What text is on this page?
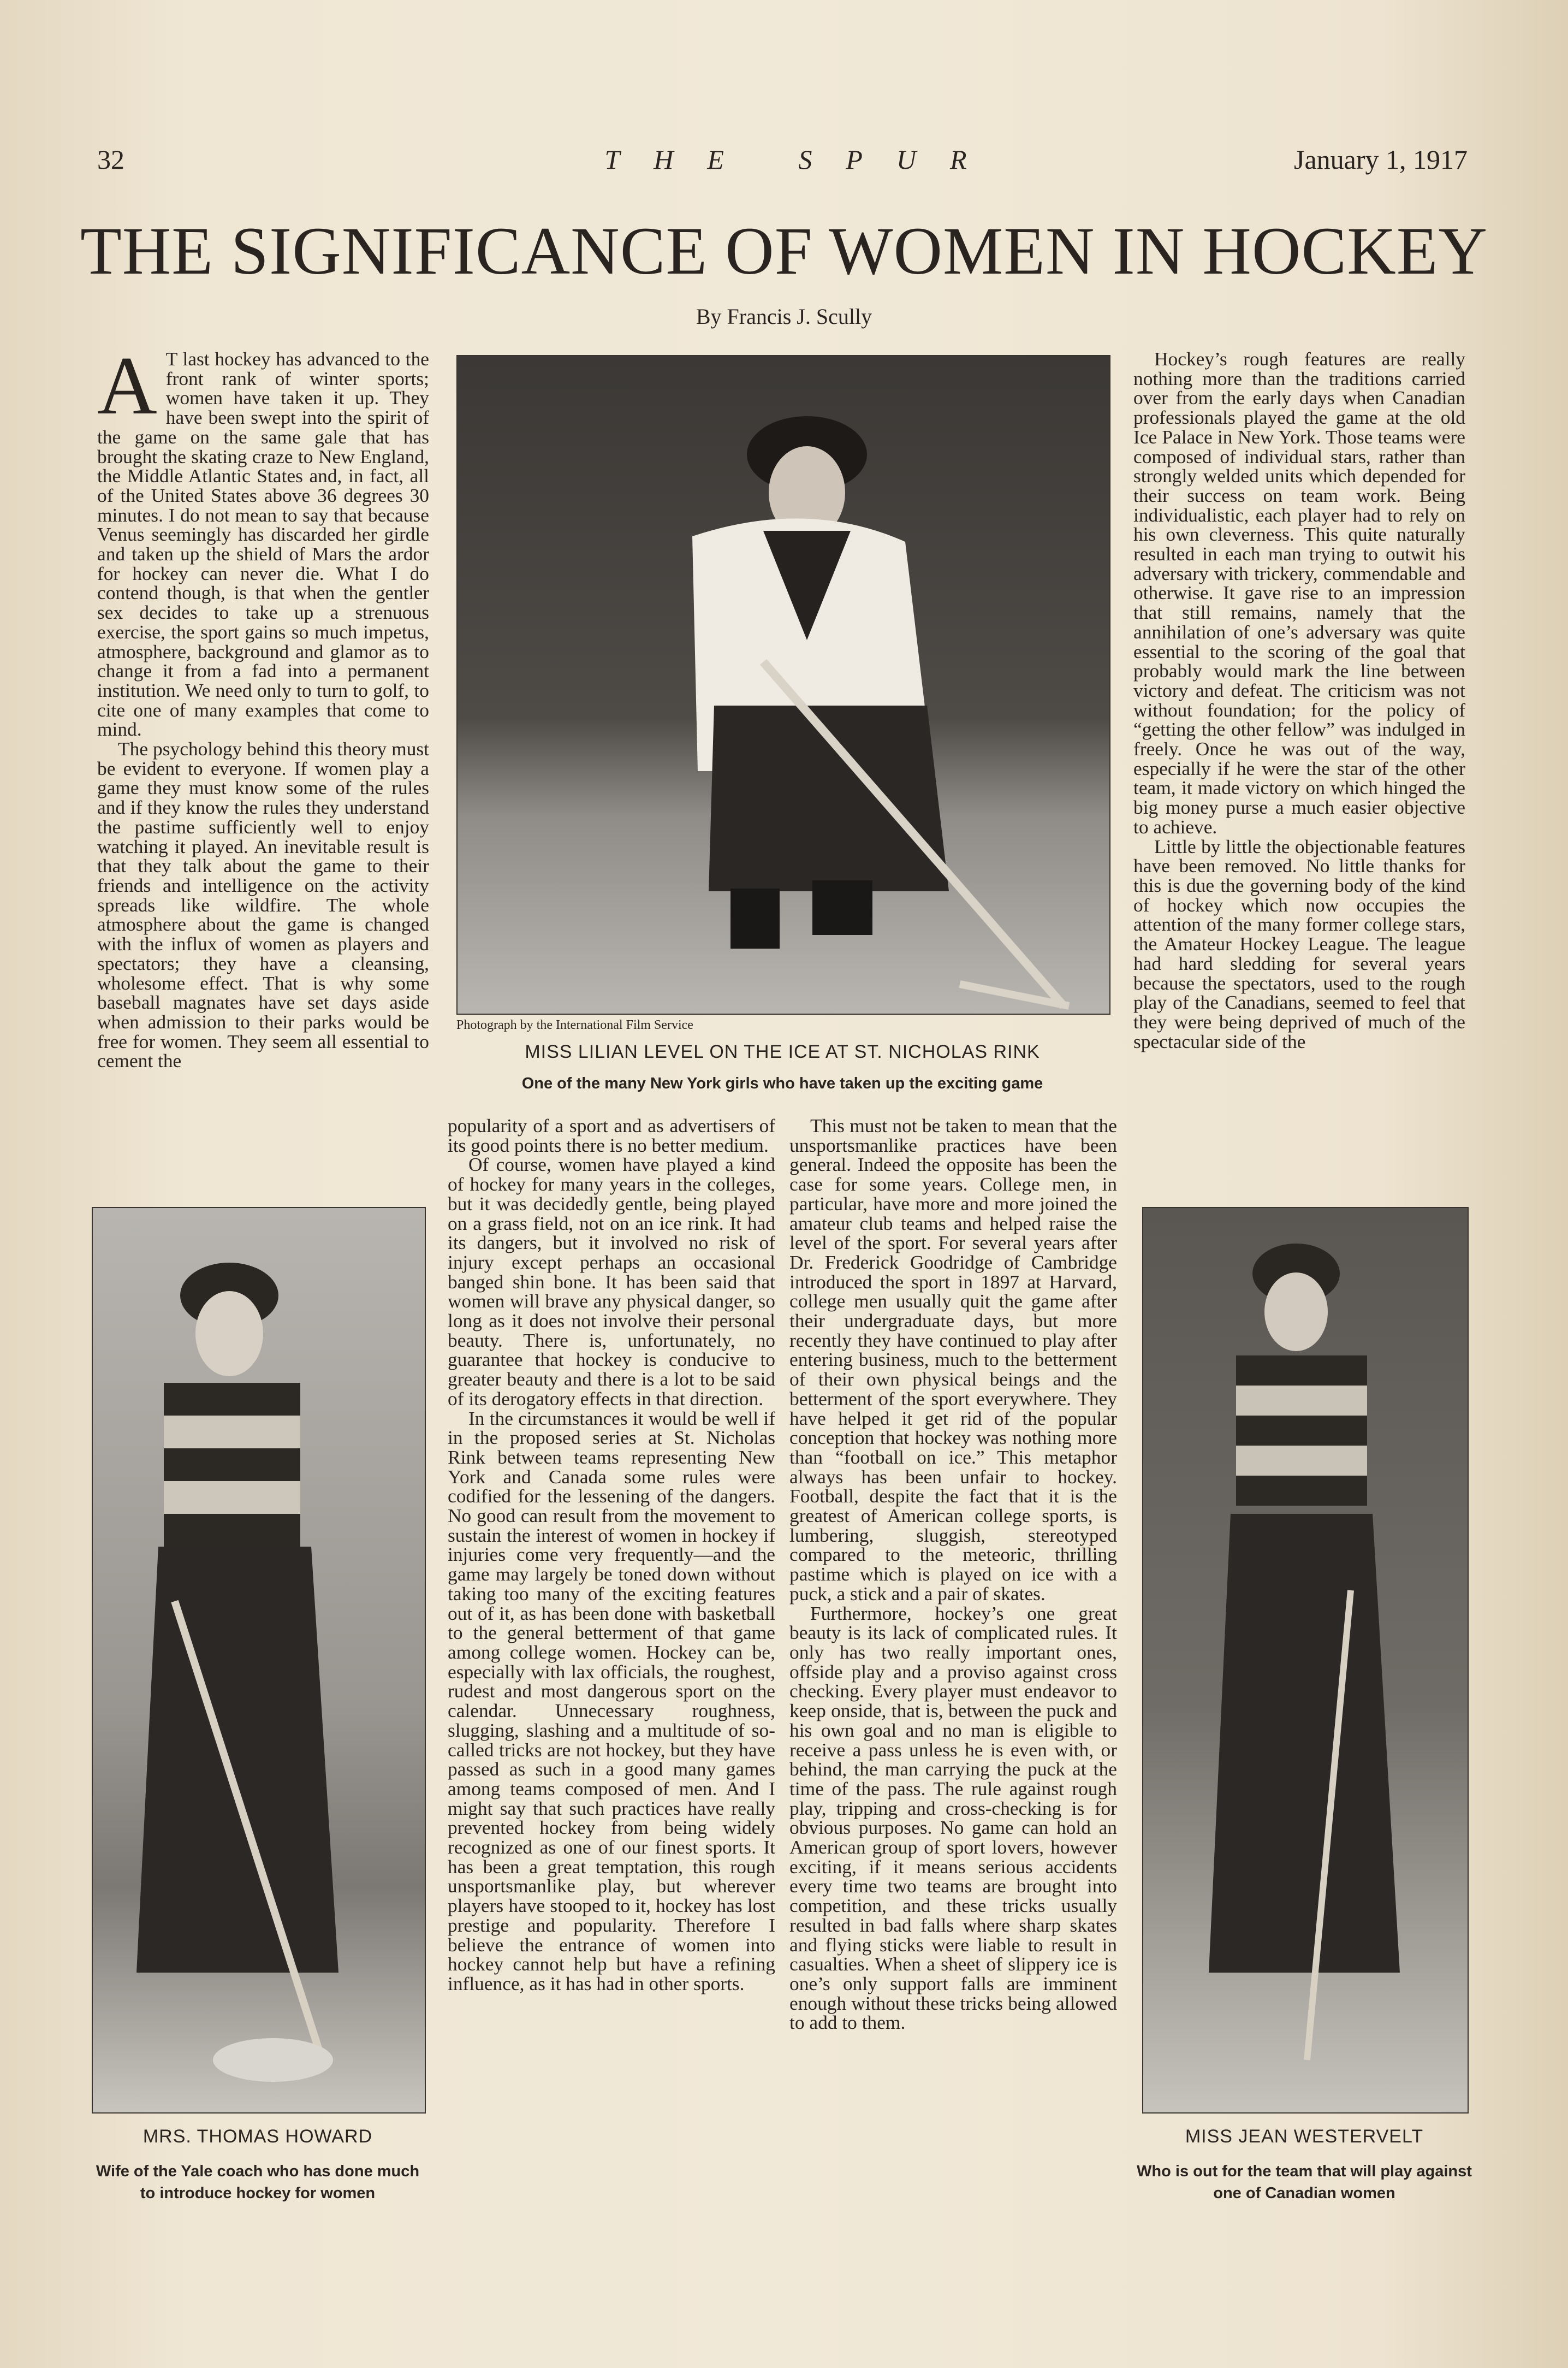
32	THE SPUR	January 1, 1917
THE SIGNIFICANCE OF WOMEN IN HOCKEY
By Francis J. Scully

A T last hockey has advanced to the front rank of winter sports; women have taken it up. They have been swept into the spirit of the game on the same gale that has brought the skating craze to New England, the Middle Atlantic States and, in fact, all of the United States above 36 degrees 30 minutes. I do not mean to say that because Venus seemingly has discarded her girdle and taken up the shield of Mars the ardor for hockey can never die. What I do contend though, is that when the gentler sex decides to take up a strenuous exercise, the sport gains so much impetus, atmosphere, background and glamor as to change it from a fad into a permanent institution. We need only to turn to golf, to cite one of many examples that come to mind.

The psychology behind this theory must be evident to everyone. If women play a game they must know some of the rules and if they know the rules they understand the pastime sufficiently well to enjoy watching it played. An inevitable result is that they talk about the game to their friends and intelligence on the activity spreads like wildfire. The whole atmosphere about the game is changed with the influx of women as players and spectators; they have a cleansing, wholesome effect. That is why some baseball magnates have set days aside when admission to their parks would be free for women. They seem all essential to cement the

Photograph by the International Film Service
MISS LILIAN LEVEL ON THE ICE AT ST. NICHOLAS RINK
One of the many New York girls who have taken up the exciting game

popularity of a sport and as advertisers of its good points there is no better medium.

Of course, women have played a kind of hockey for many years in the colleges, but it was decidedly gentle, being played on a grass field, not on an ice rink. It had its dangers, but it involved no risk of injury except perhaps an occasional banged shin bone. It has been said that women will brave any physical danger, so long as it does not involve their personal beauty. There is, unfortunately, no guarantee that hockey is conducive to greater beauty and there is a lot to be said of its derogatory effects in that direction.

In the circumstances it would be well if in the proposed series at St. Nicholas Rink between teams representing New York and Canada some rules were codified for the lessening of the dangers. No good can result from the movement to sustain the interest of women in hockey if injuries come very frequently—and the game may largely be toned down without taking too many of the exciting features out of it, as has been done with basketball to the general betterment of that game among college women. Hockey can be, especially with lax officials, the roughest, rudest and most dangerous sport on the calendar. Unnecessary roughness, slugging, slashing and a multitude of so-called tricks are not hockey, but they have passed as such in a good many games among teams composed of men. And I might say that such practices have really prevented hockey from being widely recognized as one of our finest sports. It has been a great temptation, this rough unsportsmanlike play, but wherever players have stooped to it, hockey has lost prestige and popularity. Therefore I believe the entrance of women into hockey cannot help but have a refining influence, as it has had in other sports.

This must not be taken to mean that the unsportsmanlike practices have been general. Indeed the opposite has been the case for some years. College men, in particular, have more and more joined the amateur club teams and helped raise the level of the sport. For several years after Dr. Frederick Goodridge of Cambridge introduced the sport in 1897 at Harvard, college men usually quit the game after their undergraduate days, but more recently they have continued to play after entering business, much to the betterment of their own physical beings and the betterment of the sport everywhere. They have helped it get rid of the popular conception that hockey was nothing more than “football on ice.” This metaphor always has been unfair to hockey. Football, despite the fact that it is the greatest of American college sports, is lumbering, sluggish, stereotyped compared to the meteoric, thrilling pastime which is played on ice with a puck, a stick and a pair of skates.

Furthermore, hockey’s one great beauty is its lack of complicated rules. It only has two really important ones, offside play and a proviso against cross checking. Every player must endeavor to keep onside, that is, between the puck and his own goal and no man is eligible to receive a pass unless he is even with, or behind, the man carrying the puck at the time of the pass. The rule against rough play, tripping and cross-checking is for obvious purposes. No game can hold an American group of sport lovers, however exciting, if it means serious accidents every time two teams are brought into competition, and these tricks usually resulted in bad falls where sharp skates and flying sticks were liable to result in casualties. When a sheet of slippery ice is one’s only support falls are imminent enough without these tricks being allowed to add to them.

Hockey’s rough features are really nothing more than the traditions carried over from the early days when Canadian professionals played the game at the old Ice Palace in New York. Those teams were composed of individual stars, rather than strongly welded units which depended for their success on team work. Being individualistic, each player had to rely on his own cleverness. This quite naturally resulted in each man trying to outwit his adversary with trickery, commendable and otherwise. It gave rise to an impression that still remains, namely that the annihilation of one’s adversary was quite essential to the scoring of the goal that probably would mark the line between victory and defeat. The criticism was not without foundation; for the policy of “getting the other fellow” was indulged in freely. Once he was out of the way, especially if he were the star of the other team, it made victory on which hinged the big money purse a much easier objective to achieve.

Little by little the objectionable features have been removed. No little thanks for this is due the governing body of the kind of hockey which now occupies the attention of the many former college stars, the Amateur Hockey League. The league had hard sledding for several years because the spectators, used to the rough play of the Canadians, seemed to feel that they were being deprived of much of the spectacular side of the

MRS. THOMAS HOWARD
Wife of the Yale coach who has done much to introduce hockey for women
MISS JEAN WESTERVELT
Who is out for the team that will play against one of Canadian women
